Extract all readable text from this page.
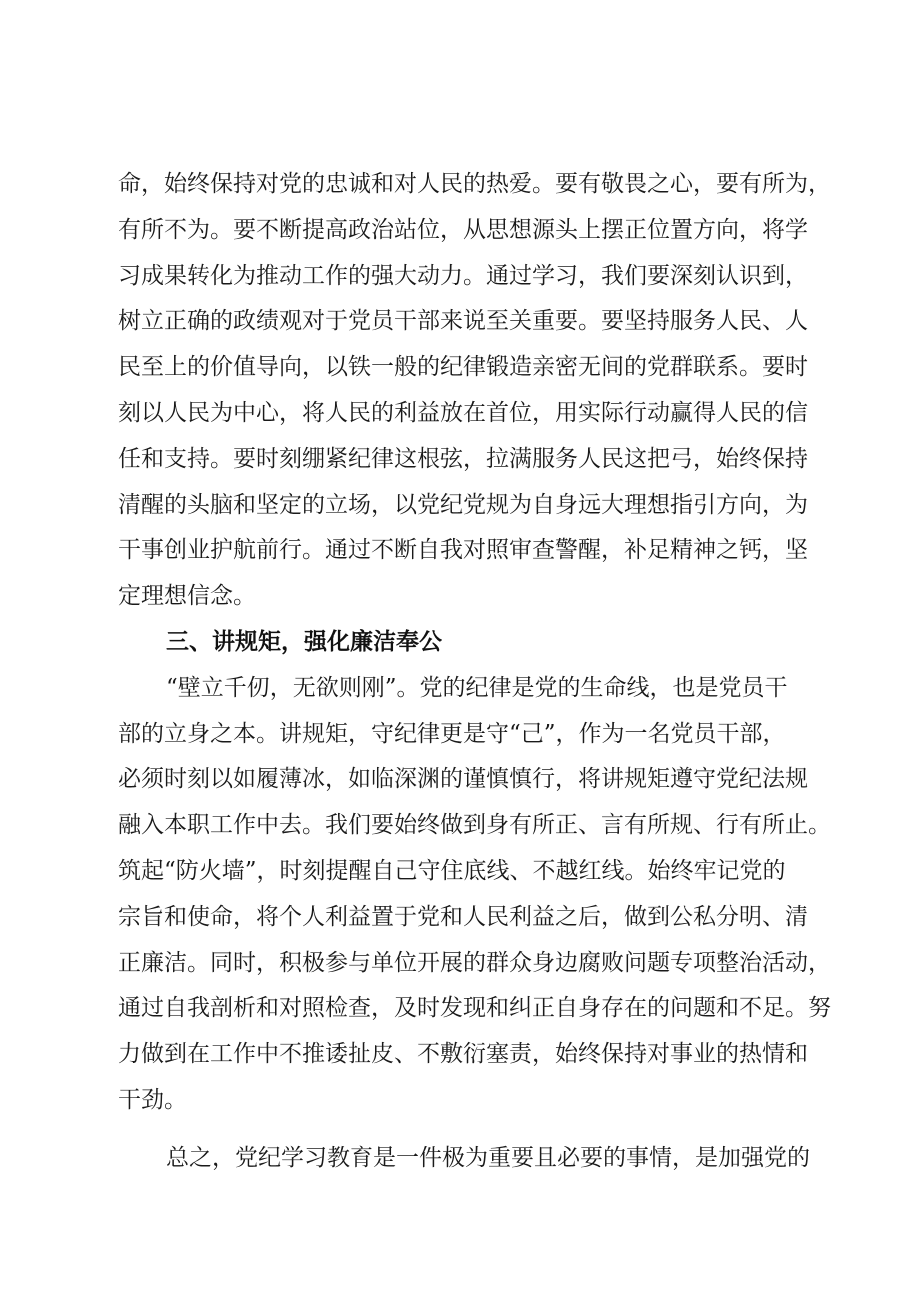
命，始终保持对党的忠诚和对人民的热爱。要有敬畏之心，要有所为，
有所不为。要不断提高政治站位，从思想源头上摆正位置方向，将学
习成果转化为推动工作的强大动力。通过学习，我们要深刻认识到，
树立正确的政绩观对于党员干部来说至关重要。要坚持服务人民、人
民至上的价值导向，以铁一般的纪律锻造亲密无间的党群联系。要时
刻以人民为中心，将人民的利益放在首位，用实际行动赢得人民的信
任和支持。要时刻绷紧纪律这根弦，拉满服务人民这把弓，始终保持
清醒的头脑和坚定的立场，以党纪党规为自身远大理想指引方向，为
干事创业护航前行。通过不断自我对照审查警醒，补足精神之钙，坚
定理想信念。
三、讲规矩，强化廉洁奉公
“壁立千仞，无欲则刚”。党的纪律是党的生命线，也是党员干
部的立身之本。讲规矩，守纪律更是守“己”，作为一名党员干部，
必须时刻以如履薄冰，如临深渊的谨慎慎行，将讲规矩遵守党纪法规
融入本职工作中去。我们要始终做到身有所正、言有所规、行有所止。
筑起“防火墙”，时刻提醒自己守住底线、不越红线。始终牢记党的
宗旨和使命，将个人利益置于党和人民利益之后，做到公私分明、清
正廉洁。同时，积极参与单位开展的群众身边腐败问题专项整治活动，
通过自我剖析和对照检查，及时发现和纠正自身存在的问题和不足。努
力做到在工作中不推诿扯皮、不敷衍塞责，始终保持对事业的热情和
干劲。
总之，党纪学习教育是一件极为重要且必要的事情，是加强党的
